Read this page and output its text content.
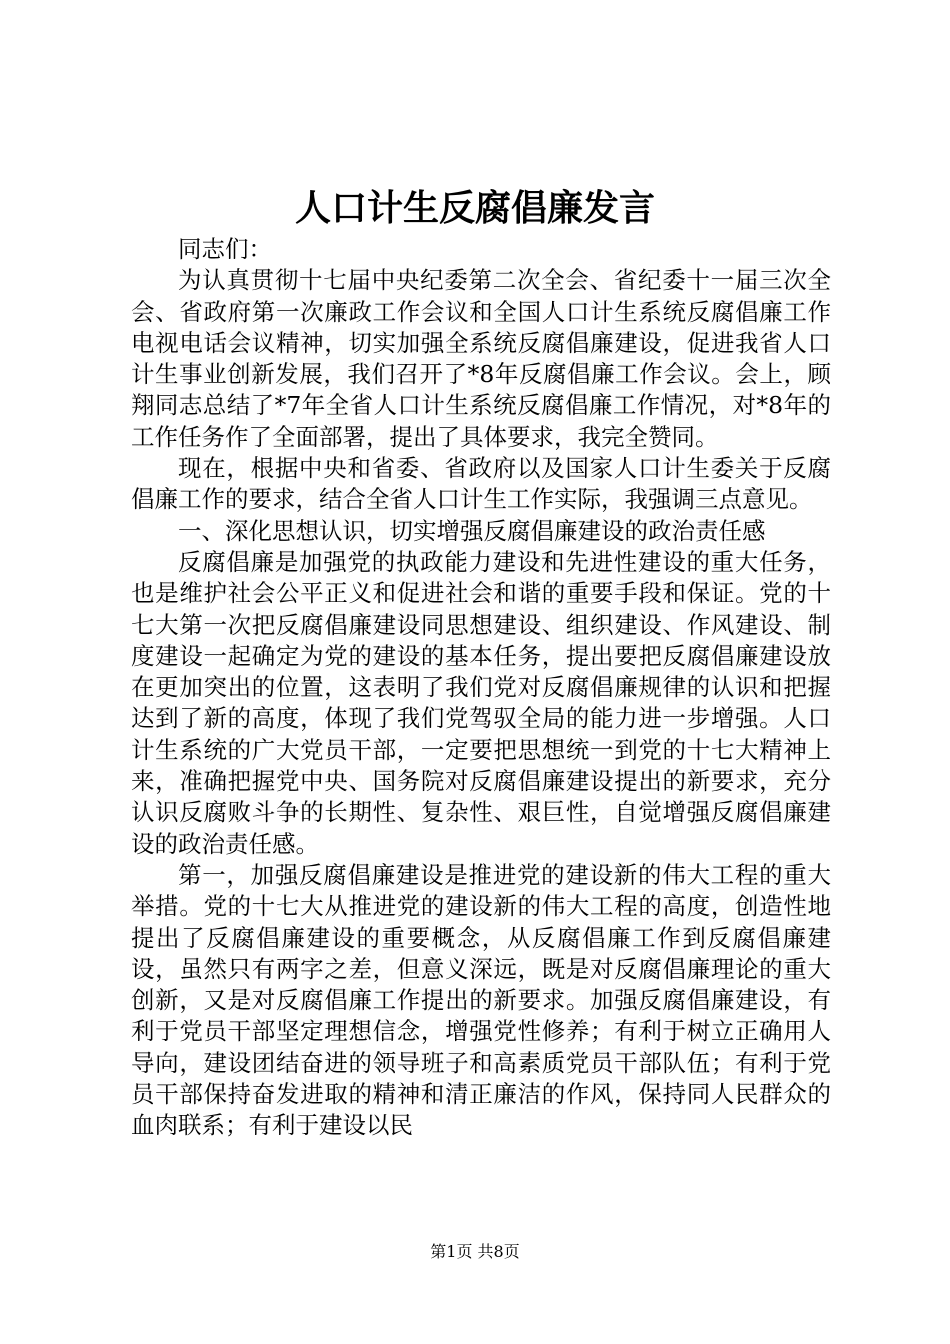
人口计生反腐倡廉发言

同志们：

为认真贯彻十七届中央纪委第二次全会、省纪委十一届三次全会、省政府第一次廉政工作会议和全国人口计生系统反腐倡廉工作电视电话会议精神，切实加强全系统反腐倡廉建设，促进我省人口计生事业创新发展，我们召开了*8年反腐倡廉工作会议。会上，顾翔同志总结了*7年全省人口计生系统反腐倡廉工作情况，对*8年的工作任务作了全面部署，提出了具体要求，我完全赞同。

现在，根据中央和省委、省政府以及国家人口计生委关于反腐倡廉工作的要求，结合全省人口计生工作实际，我强调三点意见。

一、深化思想认识，切实增强反腐倡廉建设的政治责任感

反腐倡廉是加强党的执政能力建设和先进性建设的重大任务，也是维护社会公平正义和促进社会和谐的重要手段和保证。党的十七大第一次把反腐倡廉建设同思想建设、组织建设、作风建设、制度建设一起确定为党的建设的基本任务，提出要把反腐倡廉建设放在更加突出的位置，这表明了我们党对反腐倡廉规律的认识和把握达到了新的高度，体现了我们党驾驭全局的能力进一步增强。人口计生系统的广大党员干部，一定要把思想统一到党的十七大精神上来，准确把握党中央、国务院对反腐倡廉建设提出的新要求，充分认识反腐败斗争的长期性、复杂性、艰巨性，自觉增强反腐倡廉建设的政治责任感。

第一，加强反腐倡廉建设是推进党的建设新的伟大工程的重大举措。党的十七大从推进党的建设新的伟大工程的高度，创造性地提出了反腐倡廉建设的重要概念，从反腐倡廉工作到反腐倡廉建设，虽然只有两字之差，但意义深远，既是对反腐倡廉理论的重大创新，又是对反腐倡廉工作提出的新要求。加强反腐倡廉建设，有利于党员干部坚定理想信念，增强党性修养；有利于树立正确用人导向，建设团结奋进的领导班子和高素质党员干部队伍；有利于党员干部保持奋发进取的精神和清正廉洁的作风，保持同人民群众的血肉联系；有利于建设以民

第1页 共8页
